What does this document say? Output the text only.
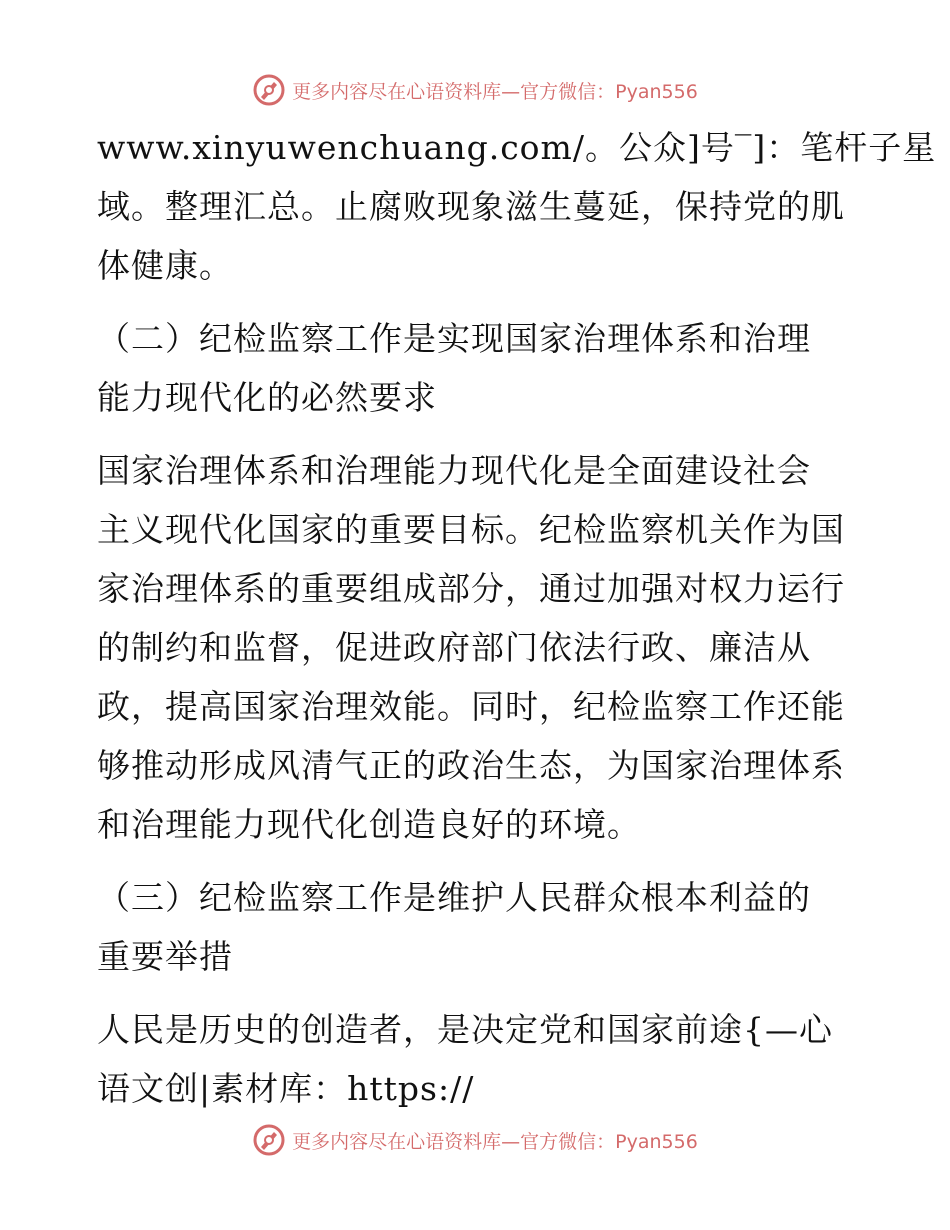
更多内容尽在心语资料库—官方微信：Pyan556
www.xinyuwenchuang.com/。公众]号‾]：笔杆子星
域。整理汇总。止腐败现象滋生蔓延，保持党的肌
体健康。
（二）纪检监察工作是实现国家治理体系和治理
能力现代化的必然要求
国家治理体系和治理能力现代化是全面建设社会
主义现代化国家的重要目标。纪检监察机关作为国
家治理体系的重要组成部分，通过加强对权力运行
的制约和监督，促进政府部门依法行政、廉洁从
政，提高国家治理效能。同时，纪检监察工作还能
够推动形成风清气正的政治生态，为国家治理体系
和治理能力现代化创造良好的环境。
（三）纪检监察工作是维护人民群众根本利益的
重要举措
人民是历史的创造者，是决定党和国家前途{—心
语文创|素材库：https://
更多内容尽在心语资料库—官方微信：Pyan556
